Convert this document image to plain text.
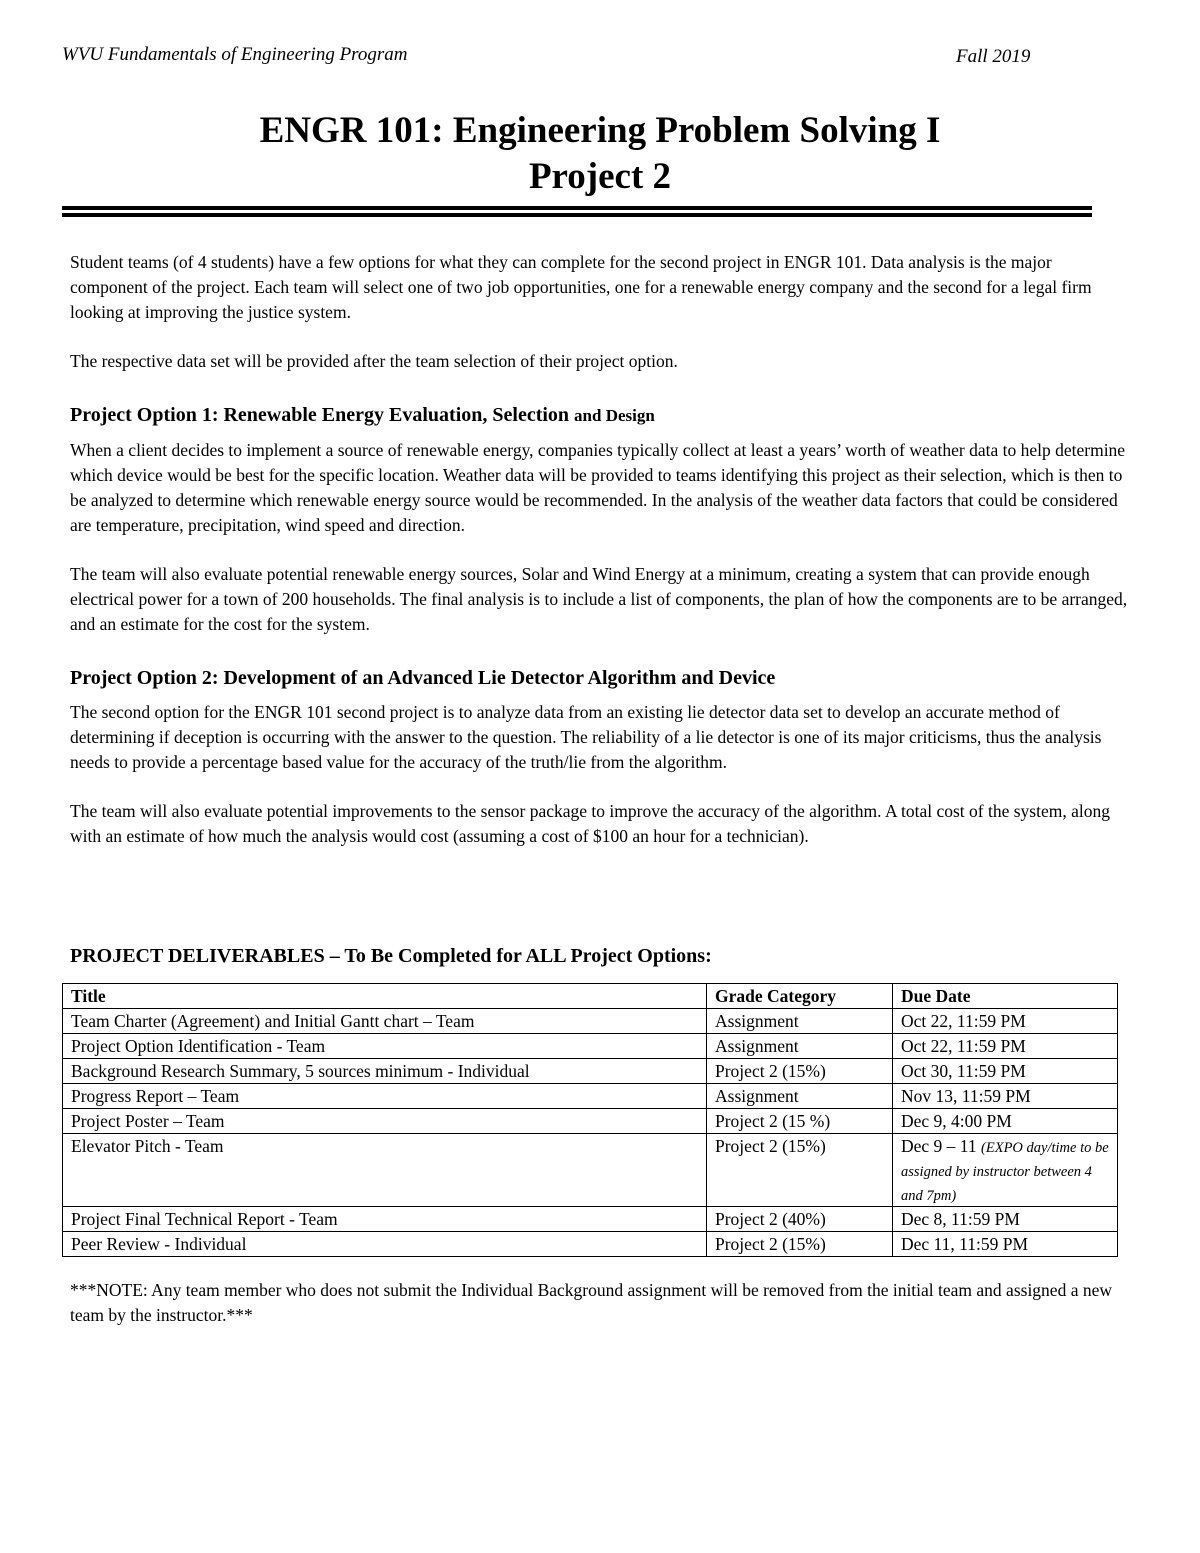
WVU Fundamentals of Engineering Program	Fall 2019
ENGR 101: Engineering Problem Solving I
Project 2

Student teams (of 4 students) have a few options for what they can complete for the second project in ENGR 101. Data analysis is the major component of the project. Each team will select one of two job opportunities, one for a renewable energy company and the second for a legal firm looking at improving the justice system.

The respective data set will be provided after the team selection of their project option.

Project Option 1: Renewable Energy Evaluation, Selection and Design

When a client decides to implement a source of renewable energy, companies typically collect at least a years’ worth of weather data to help determine which device would be best for the specific location. Weather data will be provided to teams identifying this project as their selection, which is then to be analyzed to determine which renewable energy source would be recommended. In the analysis of the weather data factors that could be considered are temperature, precipitation, wind speed and direction.

The team will also evaluate potential renewable energy sources, Solar and Wind Energy at a minimum, creating a system that can provide enough electrical power for a town of 200 households. The final analysis is to include a list of components, the plan of how the components are to be arranged, and an estimate for the cost for the system.

Project Option 2: Development of an Advanced Lie Detector Algorithm and Device

The second option for the ENGR 101 second project is to analyze data from an existing lie detector data set to develop an accurate method of determining if deception is occurring with the answer to the question. The reliability of a lie detector is one of its major criticisms, thus the analysis needs to provide a percentage based value for the accuracy of the truth/lie from the algorithm.

The team will also evaluate potential improvements to the sensor package to improve the accuracy of the algorithm. A total cost of the system, along with an estimate of how much the analysis would cost (assuming a cost of $100 an hour for a technician).

PROJECT DELIVERABLES – To Be Completed for ALL Project Options:
Title	Grade Category	Due Date
Team Charter (Agreement) and Initial Gantt chart – Team	Assignment	Oct 22, 11:59 PM
Project Option Identification - Team	Assignment	Oct 22, 11:59 PM
Background Research Summary, 5 sources minimum - Individual	Project 2 (15%)	Oct 30, 11:59 PM
Progress Report – Team	Assignment	Nov 13, 11:59 PM
Project Poster – Team	Project 2 (15 %)	Dec 9, 4:00 PM
Elevator Pitch - Team	Project 2 (15%)	Dec 9 – 11 (EXPO day/time to be assigned by instructor between 4 and 7pm)
Project Final Technical Report - Team	Project 2 (40%)	Dec 8, 11:59 PM
Peer Review - Individual	Project 2 (15%)	Dec 11, 11:59 PM
***NOTE: Any team member who does not submit the Individual Background assignment will be removed from the initial team and assigned a new team by the instructor.***
